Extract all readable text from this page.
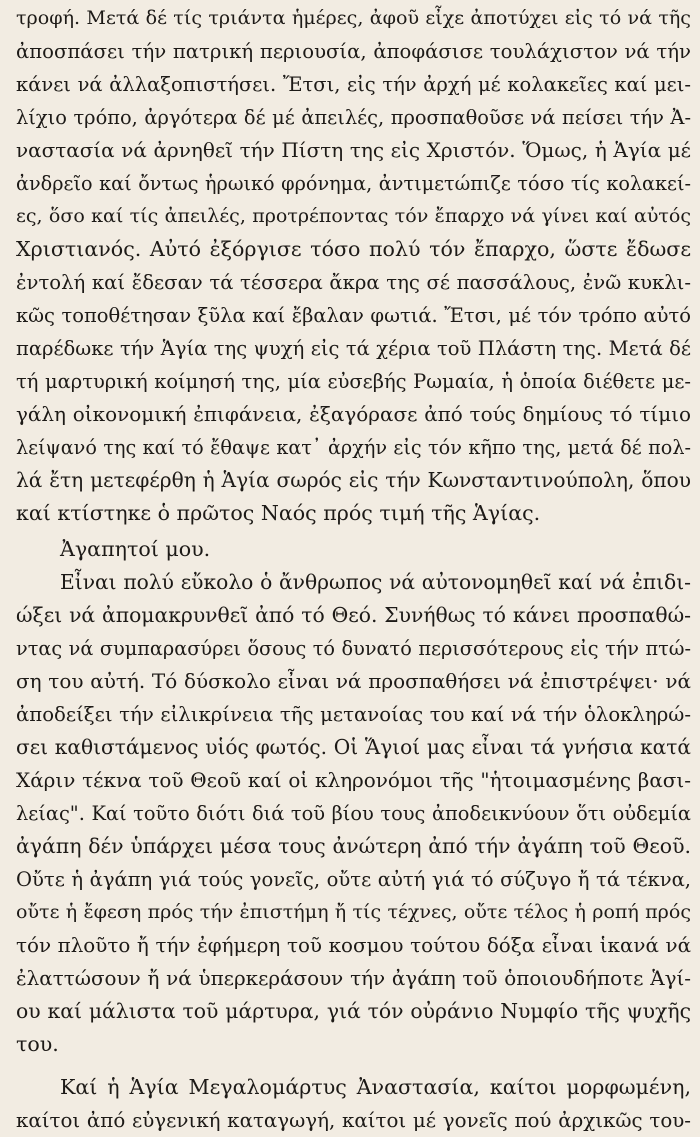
τροφή. Μετά δέ τίς τριάντα ἡμέρες, ἀφοῦ εἶχε ἀποτύχει εἰς τό νά τῆς
ἀποσπάσει τήν πατρική περιουσία, ἀποφάσισε τουλάχιστον νά τήν
κάνει νά ἀλλαξοπιστήσει. Ἔτσι, εἰς τήν ἀρχή μέ κολακεῖες καί μει-
λίχιο τρόπο, ἀργότερα δέ μέ ἀπειλές, προσπαθοῦσε νά πείσει τήν Ἀ-
ναστασία νά ἀρνηθεῖ τήν Πίστη της εἰς Χριστόν. Ὅμως, ἡ Ἁγία μέ
ἀνδρεῖο καί ὄντως ἡρωικό φρόνημα, ἀντιμετώπιζε τόσο τίς κολακεί-
ες, ὅσο καί τίς ἀπειλές, προτρέποντας τόν ἔπαρχο νά γίνει καί αὐτός
Χριστιανός. Αὐτό ἐξόργισε τόσο πολύ τόν ἔπαρχο, ὥστε ἔδωσε
ἐντολή καί ἔδεσαν τά τέσσερα ἄκρα της σέ πασσάλους, ἐνῶ κυκλι-
κῶς τοποθέτησαν ξῦλα καί ἔβαλαν φωτιά. Ἔτσι, μέ τόν τρόπο αὐτό
παρέδωκε τήν Ἁγία της ψυχή εἰς τά χέρια τοῦ Πλάστη της. Μετά δέ
τή μαρτυρική κοίμησή της, μία εὐσεβής Ρωμαία, ἡ ὁποία διέθετε με-
γάλη οἰκονομική ἐπιφάνεια, ἐξαγόρασε ἀπό τούς δημίους τό τίμιο
λείψανό της καί τό ἔθαψε κατ᾽ ἀρχήν εἰς τόν κῆπο της, μετά δέ πολ-
λά ἔτη μετεφέρθη ἡ Ἁγία σωρός εἰς τήν Κωνσταντινούπολη, ὅπου
καί κτίστηκε ὁ πρῶτος Ναός πρός τιμή τῆς Ἁγίας.
Ἀγαπητοί μου.
Εἶναι πολύ εὔκολο ὁ ἄνθρωπος νά αὐτονομηθεῖ καί νά ἐπιδι-
ώξει νά ἀπομακρυνθεῖ ἀπό τό Θεό. Συνήθως τό κάνει προσπαθώ-
ντας νά συμπαρασύρει ὅσους τό δυνατό περισσότερους εἰς τήν πτώ-
ση του αὐτή. Τό δύσκολο εἶναι νά προσπαθήσει νά ἐπιστρέψει· νά
ἀποδείξει τήν εἰλικρίνεια τῆς μετανοίας του καί νά τήν ὁλοκληρώ-
σει καθιστάμενος υἱός φωτός. Οἱ Ἅγιοί μας εἶναι τά γνήσια κατά
Χάριν τέκνα τοῦ Θεοῦ καί οἱ κληρονόμοι τῆς "ἡτοιμασμένης βασι-
λείας". Καί τοῦτο διότι διά τοῦ βίου τους ἀποδεικνύουν ὅτι οὐδεμία
ἀγάπη δέν ὑπάρχει μέσα τους ἀνώτερη ἀπό τήν ἀγάπη τοῦ Θεοῦ.
Οὔτε ἡ ἀγάπη γιά τούς γονεῖς, οὔτε αὐτή γιά τό σύζυγο ἤ τά τέκνα,
οὔτε ἡ ἔφεση πρός τήν ἐπιστήμη ἤ τίς τέχνες, οὔτε τέλος ἡ ροπή πρός
τόν πλοῦτο ἤ τήν ἐφήμερη τοῦ κοσμου τούτου δόξα εἶναι ἱκανά νά
ἐλαττώσουν ἤ νά ὑπερκεράσουν τήν ἀγάπη τοῦ ὁποιουδήποτε Ἁγί-
ου καί μάλιστα τοῦ μάρτυρα, γιά τόν οὐράνιο Νυμφίο τῆς ψυχῆς
του.
Καί ἡ Ἁγία Μεγαλομάρτυς Ἀναστασία, καίτοι μορφωμένη,
καίτοι ἀπό εὐγενική καταγωγή, καίτοι μέ γονεῖς πού ἀρχικῶς του-
